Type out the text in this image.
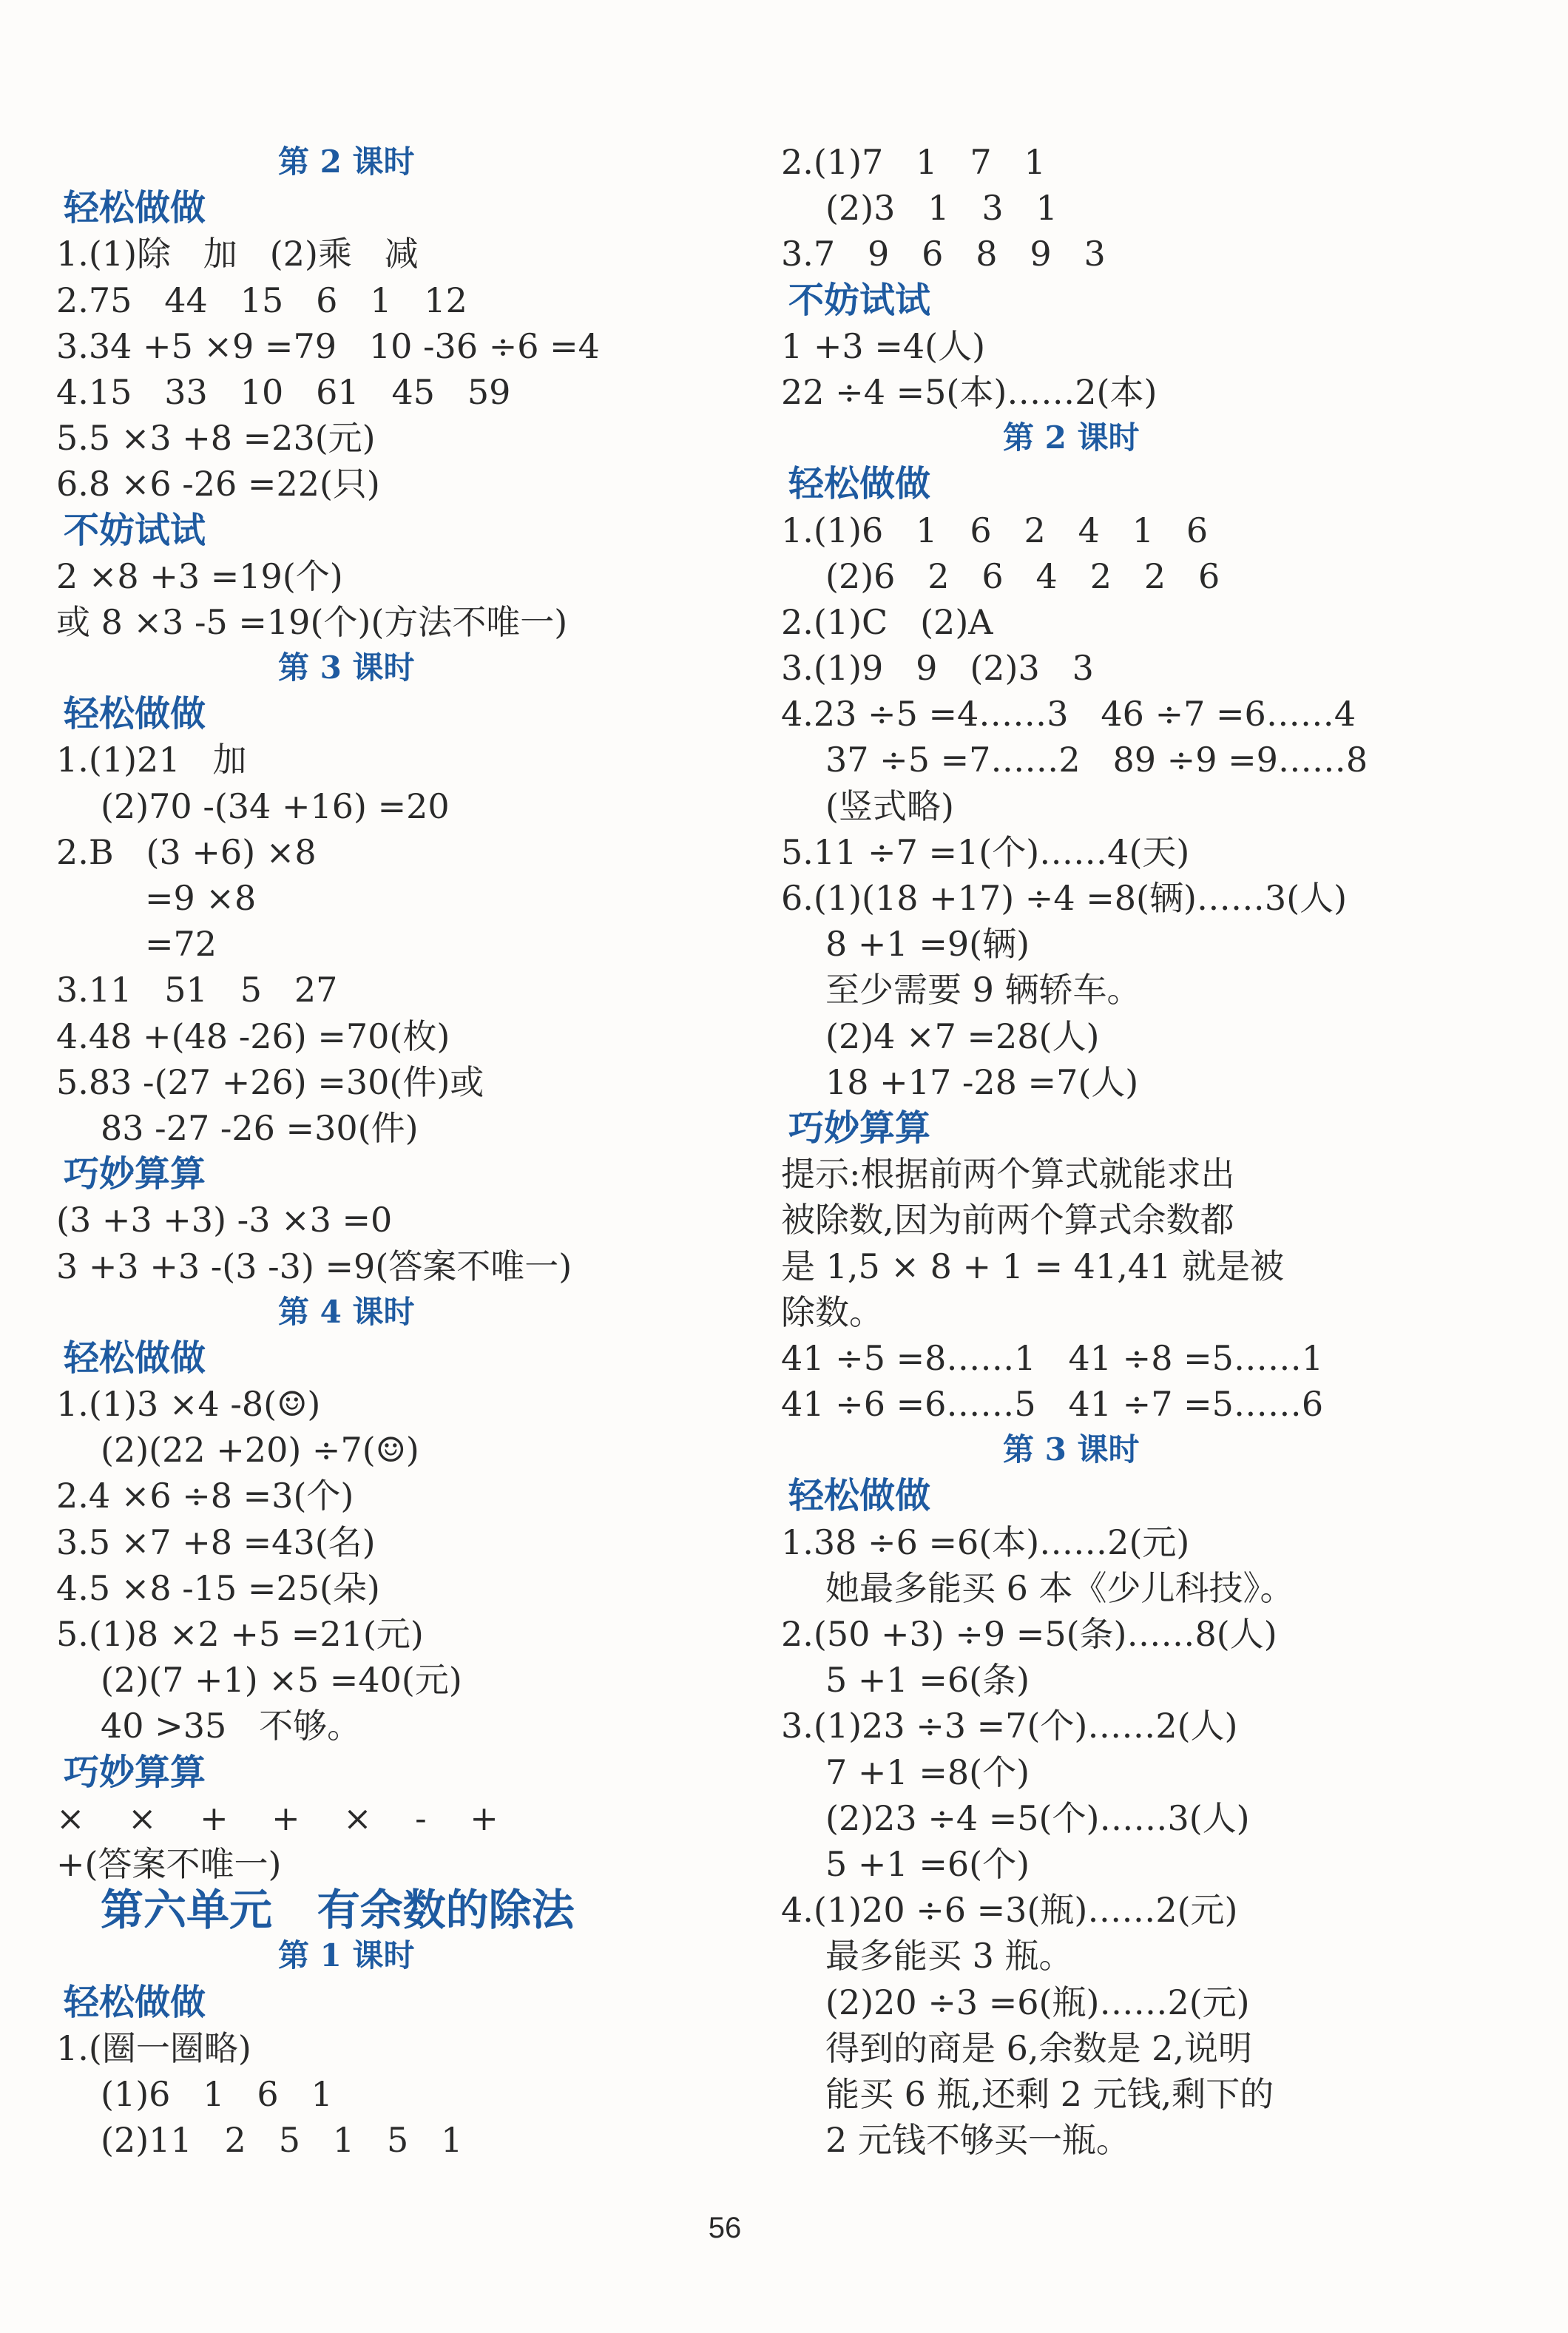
第 2 课时
轻松做做
1.(1)除   加   (2)乘   减
2.75   44   15   6   1   12
3.34 +5 ×9 =79   10 -36 ÷6 =4
4.15   33   10   61   45   59
5.5 ×3 +8 =23(元)
6.8 ×6 -26 =22(只)
不妨试试
2 ×8 +3 =19(个)
或 8 ×3 -5 =19(个)(方法不唯一)
第 3 课时
轻松做做
1.(1)21   加
(2)70 -(34 +16) =20
2.B   (3 +6) ×8
=9 ×8
=72
3.11   51   5   27
4.48 +(48 -26) =70(枚)
5.83 -(27 +26) =30(件)或
83 -27 -26 =30(件)
巧妙算算
(3 +3 +3) -3 ×3 =0
3 +3 +3 -(3 -3) =9(答案不唯一)
第 4 课时
轻松做做
1.(1)3 ×4 -8(☺)
(2)(22 +20) ÷7(☺)
2.4 ×6 ÷8 =3(个)
3.5 ×7 +8 =43(名)
4.5 ×8 -15 =25(朵)
5.(1)8 ×2 +5 =21(元)
(2)(7 +1) ×5 =40(元)
40 >35   不够。
巧妙算算
×    ×    +    +    ×    -    +
+(答案不唯一)
第六单元   有余数的除法
第 1 课时
轻松做做
1.(圈一圈略)
(1)6   1   6   1
(2)11   2   5   1   5   1
2.(1)7   1   7   1
(2)3   1   3   1
3.7   9   6   8   9   3
不妨试试
1 +3 =4(人)
22 ÷4 =5(本)……2(本)
第 2 课时
轻松做做
1.(1)6   1   6   2   4   1   6
(2)6   2   6   4   2   2   6
2.(1)C   (2)A
3.(1)9   9   (2)3   3
4.23 ÷5 =4……3   46 ÷7 =6……4
37 ÷5 =7……2   89 ÷9 =9……8
(竖式略)
5.11 ÷7 =1(个)……4(天)
6.(1)(18 +17) ÷4 =8(辆)……3(人)
8 +1 =9(辆)
至少需要 9 辆轿车。
(2)4 ×7 =28(人)
18 +17 -28 =7(人)
巧妙算算
提示:根据前两个算式就能求出
被除数,因为前两个算式余数都
是 1,5 × 8 + 1 = 41,41 就是被
除数。
41 ÷5 =8……1   41 ÷8 =5……1
41 ÷6 =6……5   41 ÷7 =5……6
第 3 课时
轻松做做
1.38 ÷6 =6(本)……2(元)
她最多能买 6 本《少儿科技》。
2.(50 +3) ÷9 =5(条)……8(人)
5 +1 =6(条)
3.(1)23 ÷3 =7(个)……2(人)
7 +1 =8(个)
(2)23 ÷4 =5(个)……3(人)
5 +1 =6(个)
4.(1)20 ÷6 =3(瓶)……2(元)
最多能买 3 瓶。
(2)20 ÷3 =6(瓶)……2(元)
得到的商是 6,余数是 2,说明
能买 6 瓶,还剩 2 元钱,剩下的
2 元钱不够买一瓶。
56
